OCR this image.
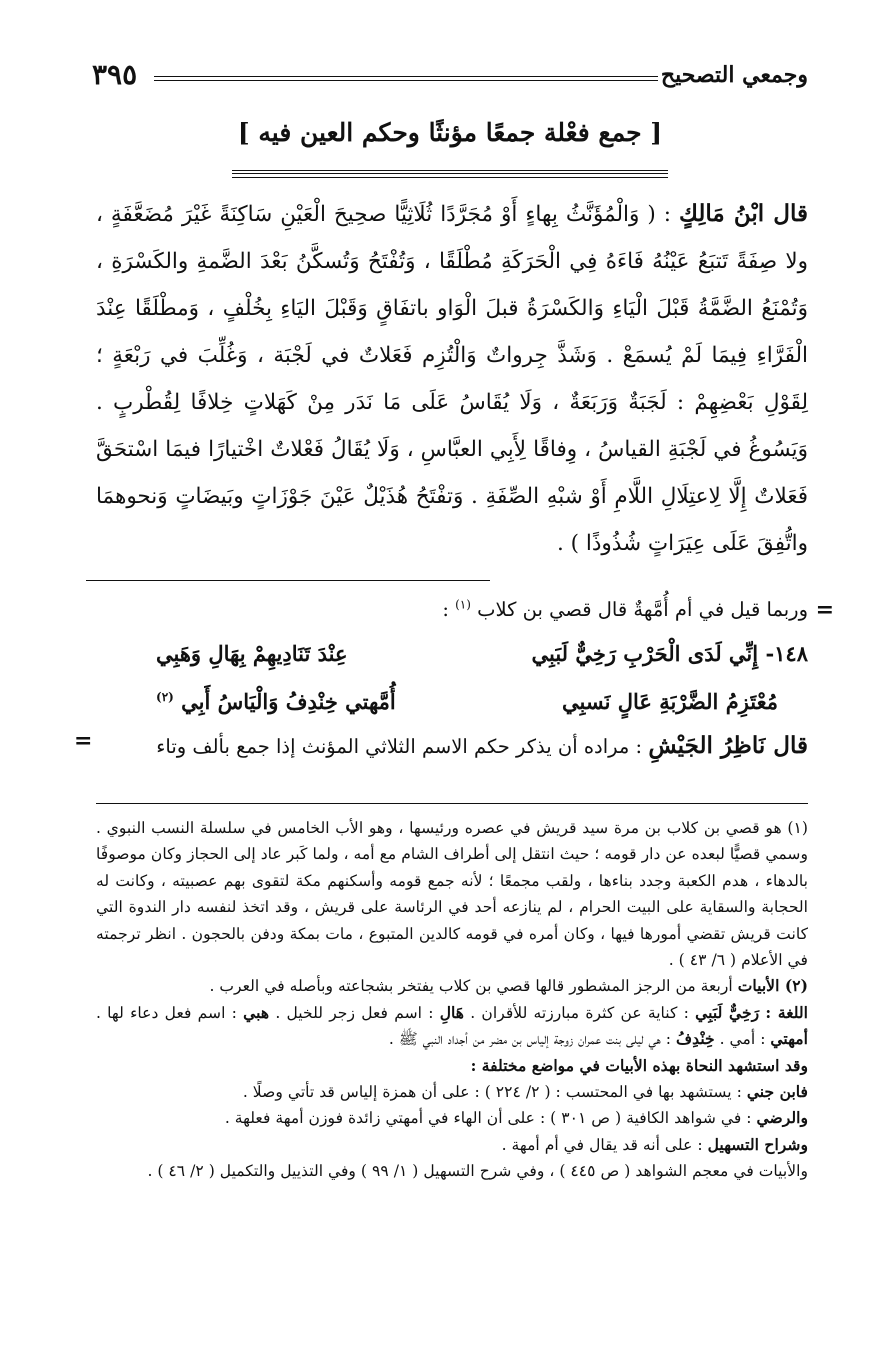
وجمعي التصحيح
٣٩٥
[ جمع فعْلة جمعًا مؤنثًا وحكم العين فيه ]

قال ابْنُ مَالِكٍ : ( وَالْمُؤَنَّثُ بِهاءٍ أَوْ مُجَرَّدًا ثُلَاثِيًّا صحِيحَ الْعَيْنِ سَاكِنَةً غَيْرَ مُضَعَّفَةٍ ، ولا صِفَةً تَتبَعُ عَيْنُهُ فَاءَهُ فِي الْحَرَكَةِ مُطْلَقًا ، وَتُفْتَحُ وَتُسكَّنُ بَعْدَ الضَّمةِ والكَسْرَةِ ، وَتُمْنَعُ الضَّمَّةُ قَبْلَ الْيَاءِ وَالكَسْرَةُ قبلَ الْوَاو باتفَاقٍ وَقَبْلَ اليَاءِ بِخُلْفٍ ، وَمطْلَقًا عِنْدَ الْفَرَّاءِ فِيمَا لَمْ يُسمَعْ . وَشَذَّ جِرواتٌ وَالْتُزِم فَعَلاتٌ في لَجْبَة ، وَغُلِّبَ في رَبْعَةٍ ؛ لِقَوْلِ بَعْضِهِمْ : لَجَبَةٌ وَرَبَعَةٌ ، وَلَا يُقَاسُ عَلَى مَا نَدَر مِنْ كَهَلاتٍ خِلافًا لِقُطْربٍ . وَيَسُوغُ في لَجْبَةِ القياسُ ، وِفاقًا لِأَبِي العبَّاسِ ، وَلَا يُقَالُ فَعْلاتٌ اخْتيارًا فيمَا اسْتحَقَّ فَعَلاتٌ إِلَّا لِاعتِلَالِ اللَّامِ أَوْ شبْهِ الصِّفَةِ . وَتفْتَحُ هُذَيْلٌ عَيْنَ جَوْزَاتٍ وبَيضَاتٍ وَنحوهمَا واتُّفِقَ عَلَى عِيَرَاتٍ شُذُوذًا ) .

=

وربما قيل في أم أُمَّهةٌ قال قصي بن كلاب $^{(١)}$ :

١٤٨- إِنِّي لَدَى الْحَرْبِ رَخِيٌّ لَبَبِي
عِنْدَ تَنَادِيهِمْ بِهَالِ وَهَبِي

مُعْتَزِمُ الضَّرْبَةِ عَالٍ نَسبِي
أُمَّهتي خِنْدِفُ وَالْيَاسُ أَبِي $^{(٢)}$

قال نَاظِرُ الجَيْشِ : مراده أن يذكر حكم الاسم الثلاثي المؤنث إذا جمع بألف وتاء

=

(١) هو قصي بن كلاب بن مرة سيد قريش في عصره ورئيسها ، وهو الأب الخامس في سلسلة النسب النبوي . وسمي قصيًّا لبعده عن دار قومه ؛ حيث انتقل إلى أطراف الشام مع أمه ، ولما كَبر عاد إلى الحجاز وكان موصوفًا بالدهاء ، هدم الكعبة وجدد بناءها ، ولقب مجمعًا ؛ لأنه جمع قومه وأسكنهم مكة لتقوى بهم عصبيته ، وكانت له الحجابة والسقاية على البيت الحرام ، لم ينازعه أحد في الرئاسة على قريش ، وقد اتخذ لنفسه دار الندوة التي كانت قريش تقضي أمورها فيها ، وكان أمره في قومه كالدين المتبوع ، مات بمكة ودفن بالحجون . انظر ترجمته في الأعلام ( ٦/ ٤٣ ) .

(٢) الأبيات أربعة من الرجز المشطور قالها قصي بن كلاب يفتخر بشجاعته وبأصله في العرب .

اللغة : رَخِيٌّ لَبَبِي : كناية عن كثرة مبارزته للأقران . هَالِ : اسم فعل زجر للخيل . هبي : اسم فعل دعاء لها . أمهتي : أمي . خِنْدِفُ : هي ليلى بنت عمران زوجة إلياس بن مضر من أجداد النبي ﷺ .

وقد استشهد النحاة بهذه الأبيات في مواضع مختلفة :

فابن جني : يستشهد بها في المحتسب : ( ٢/ ٢٢٤ ) : على أن همزة إلياس قد تأتي وصلًا .

والرضي : في شواهد الكافية ( ص ٣٠١ ) : على أن الهاء في أمهتي زائدة فوزن أمهة فعلهة .

وشراح التسهيل : على أنه قد يقال في أم أمهة .

والأبيات في معجم الشواهد ( ص ٤٤٥ ) ، وفي شرح التسهيل ( ١/ ٩٩ ) وفي التذييل والتكميل ( ٢/ ٤٦ ) .
